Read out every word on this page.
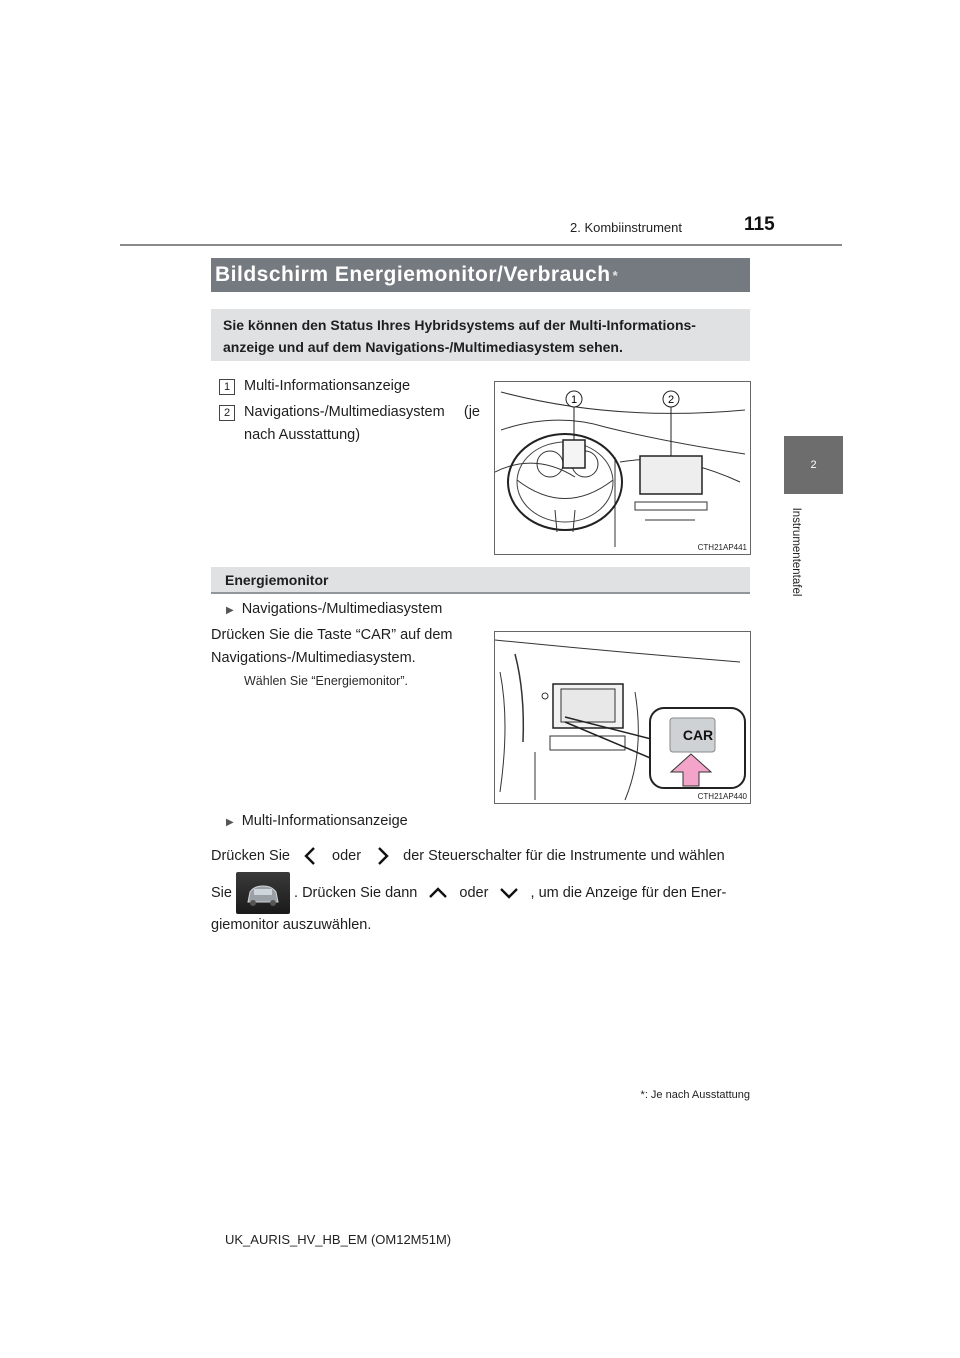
2. Kombiinstrument	115
2
Instrumententafel
Bildschirm Energiemonitor/Verbrauch *
Sie können den Status Ihres Hybridsystems auf der Multi-Informations- anzeige und auf dem Navigations-/Multimediasystem sehen.
1 Multi-Informationsanzeige
2 Navigations-/Multimediasystem (je nach Ausstattung)
1	2
CTH21AP441
Energiemonitor
▶ Navigations-/Multimediasystem
Drücken Sie die Taste “CAR” auf dem Navigations-/Multimediasystem.
Wählen Sie “Energiemonitor”.
CAR
CTH21AP440
▶ Multi-Informationsanzeige
Drücken Sie	oder	der Steuerschalter für die Instrumente und wählen
Sie	. Drücken Sie dann	oder	, um die Anzeige für den Ener-
giemonitor auszuwählen.
*: Je nach Ausstattung
UK_AURIS_HV_HB_EM (OM12M51M)
